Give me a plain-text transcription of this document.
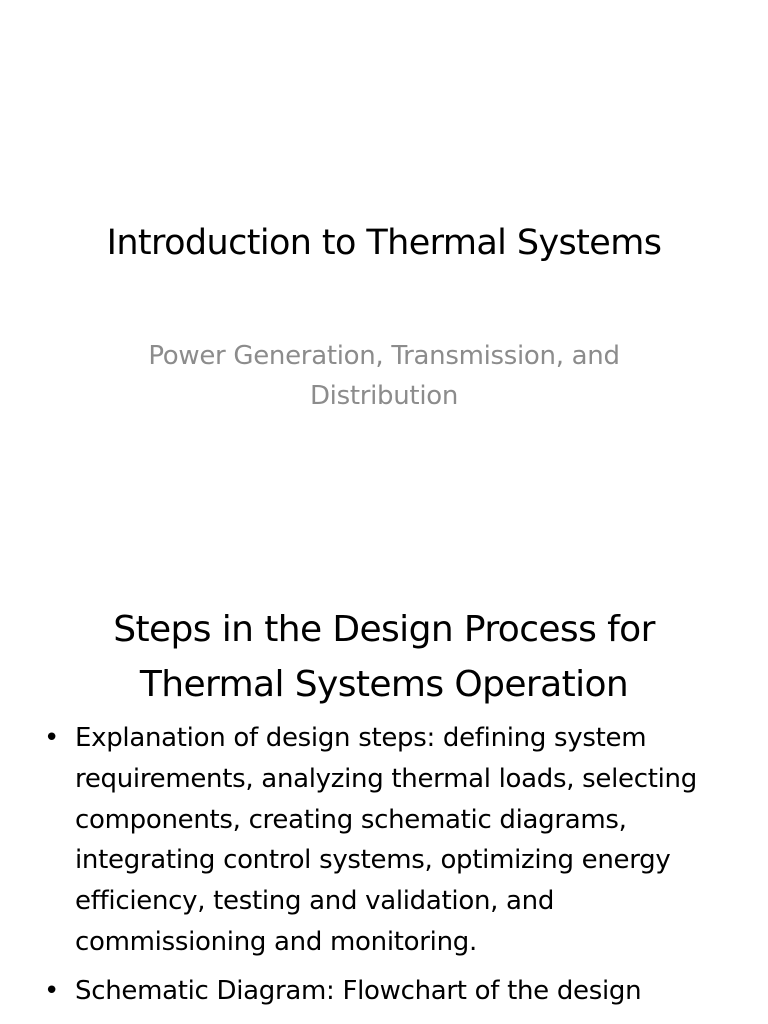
Introduction to Thermal Systems
Power Generation, Transmission, and Distribution
Steps in the Design Process for Thermal Systems Operation
• Explanation of design steps: defining system requirements, analyzing thermal loads, selecting components, creating schematic diagrams, integrating control systems, optimizing energy efficiency, testing and validation, and commissioning and monitoring.
• Schematic Diagram: Flowchart of the design
